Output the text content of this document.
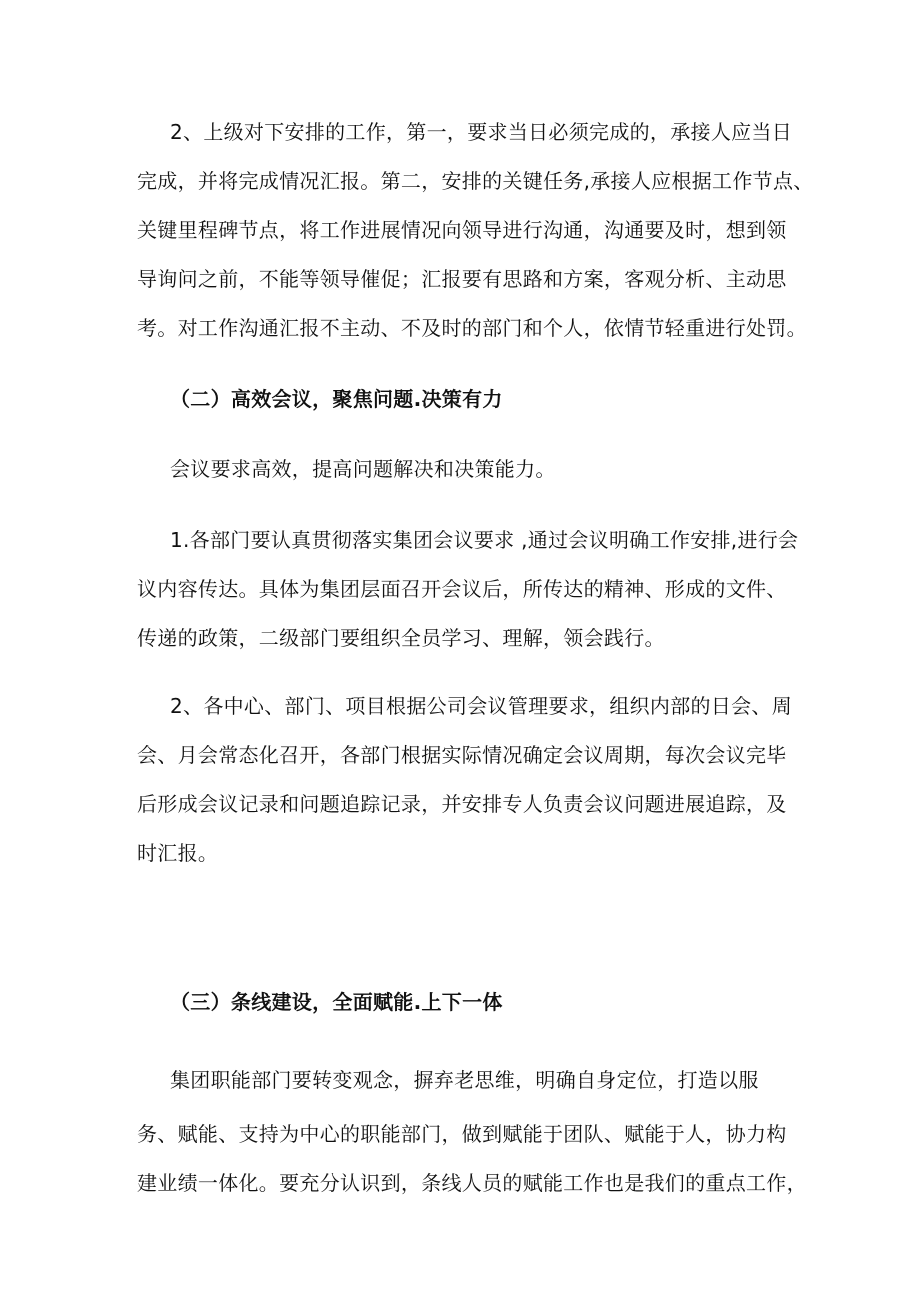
2、上级对下安排的工作，第一，要求当日必须完成的，承接人应当日
完成，并将完成情况汇报。第二，安排的关键任务,承接人应根据工作节点、
关键里程碑节点，将工作进展情况向领导进行沟通，沟通要及时，想到领
导询问之前，不能等领导催促；汇报要有思路和方案，客观分析、主动思
考。对工作沟通汇报不主动、不及时的部门和个人，依情节轻重进行处罚。
（二）高效会议，聚焦问题.决策有力
会议要求高效，提高问题解决和决策能力。
1.各部门要认真贯彻落实集团会议要求 ,通过会议明确工作安排,进行会
议内容传达。具体为集团层面召开会议后，所传达的精神、形成的文件、
传递的政策，二级部门要组织全员学习、理解，领会践行。
2、各中心、部门、项目根据公司会议管理要求，组织内部的日会、周
会、月会常态化召开，各部门根据实际情况确定会议周期，每次会议完毕
后形成会议记录和问题追踪记录，并安排专人负责会议问题进展追踪，及
时汇报。
（三）条线建设，全面赋能.上下一体
集团职能部门要转变观念，摒弃老思维，明确自身定位，打造以服
务、赋能、支持为中心的职能部门，做到赋能于团队、赋能于人，协力构
建业绩一体化。要充分认识到，条线人员的赋能工作也是我们的重点工作，
